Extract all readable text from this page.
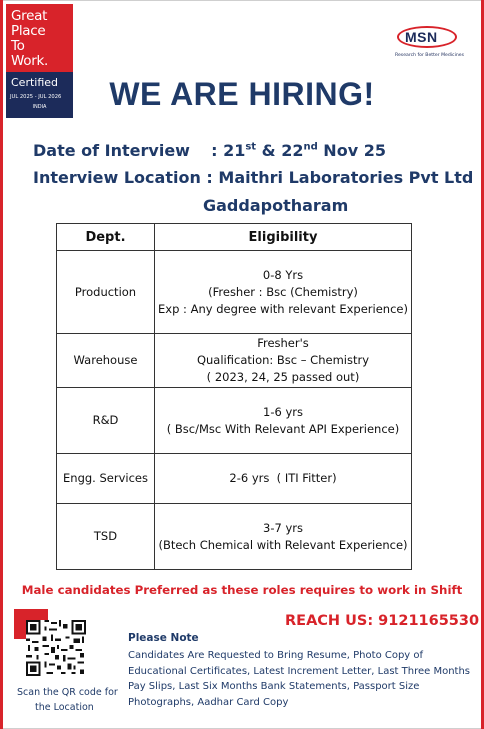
Great
Place
To
Work.
Certified
JUL 2025 - JUL 2026
INDIA
MSN
Research for Better Medicines
WE ARE HIRING!
Date of Interview : 21st & 22nd Nov 25
Interview Location : Maithri Laboratories Pvt Ltd
Gaddapotharam
Dept.	Eligibility
Production	0-8 Yrs
(Fresher : Bsc (Chemistry)
Exp : Any degree with relevant Experience)

Warehouse	Fresher's
Qualification: Bsc – Chemistry
( 2023, 24, 25 passed out)

R&D	1-6 yrs
( Bsc/Msc With Relevant API Experience)

Engg. Services	2-6 yrs  ( ITI Fitter)

TSD	3-7 yrs
(Btech Chemical with Relevant Experience)
Male candidates Preferred as these roles requires to work in Shift
REACH US: 9121165530
Scan the QR code for
the Location
Please Note
Candidates Are Requested to Bring Resume, Photo Copy of Educational Certificates, Latest Increment Letter, Last Three Months Pay Slips, Last Six Months Bank Statements, Passport Size Photographs, Aadhar Card Copy
